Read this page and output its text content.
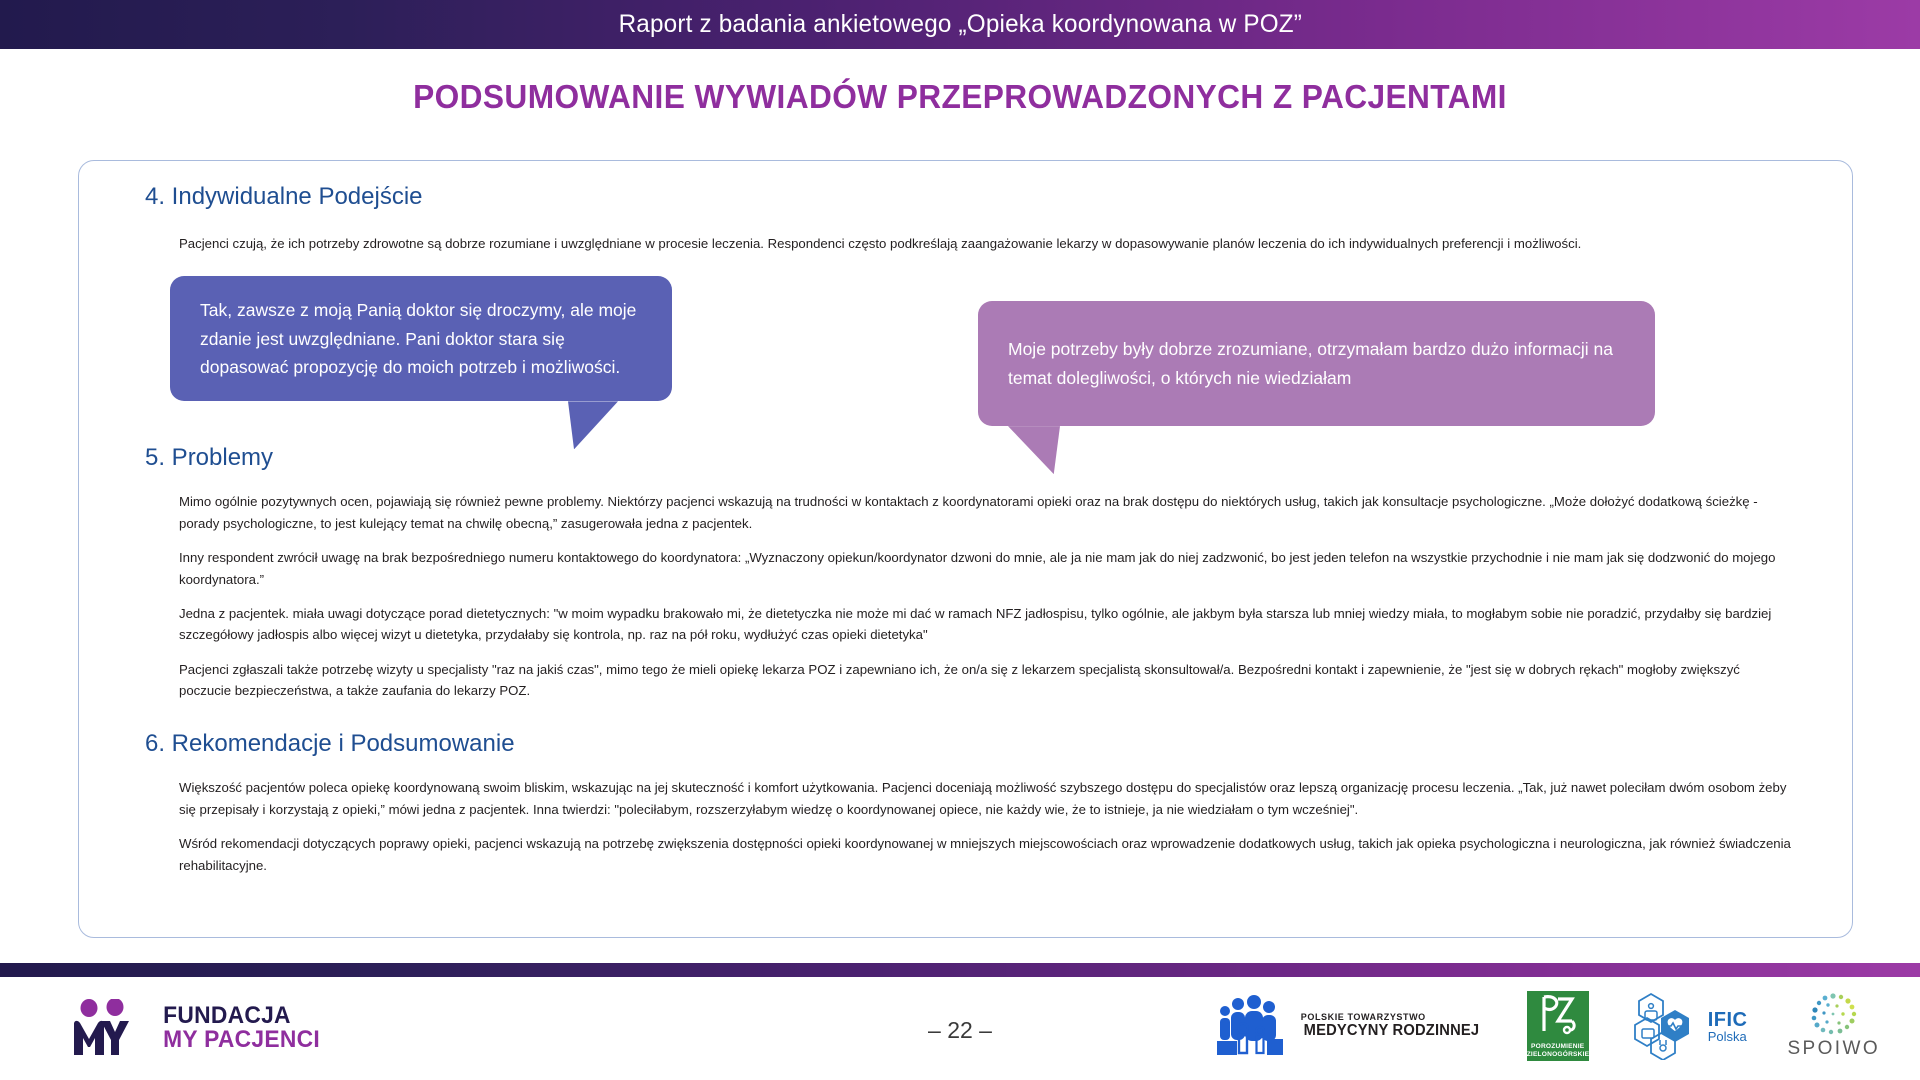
Raport z badania ankietowego „Opieka koordynowana w POZ”
PODSUMOWANIE WYWIADÓW PRZEPROWADZONYCH Z PACJENTAMI
4. Indywidualne Podejście
Pacjenci czują, że ich potrzeby zdrowotne są dobrze rozumiane i uwzględniane w procesie leczenia. Respondenci często podkreślają zaangażowanie lekarzy w dopasowywanie planów leczenia do ich indywidualnych preferencji i możliwości.
Tak, zawsze z moją Panią doktor się droczymy, ale moje zdanie jest uwzględniane. Pani doktor stara się dopasować propozycję do moich potrzeb i możliwości.
Moje potrzeby były dobrze zrozumiane, otrzymałam bardzo dużo informacji na temat dolegliwości, o których nie wiedziałam
5. Problemy
Mimo ogólnie pozytywnych ocen, pojawiają się również pewne problemy. Niektórzy pacjenci wskazują na trudności w kontaktach z koordynatorami opieki oraz na brak dostępu do niektórych usług, takich jak konsultacje psychologiczne. „Może dołożyć dodatkową ścieżkę - porady psychologiczne, to jest kulejący temat na chwilę obecną,” zasugerowała jedna z pacjentek.
Inny respondent zwrócił uwagę na brak bezpośredniego numeru kontaktowego do koordynatora: „Wyznaczony opiekun/koordynator dzwoni do mnie, ale ja nie mam jak do niej zadzwonić, bo jest jeden telefon na wszystkie przychodnie i nie mam jak się dodzwonić do mojego koordynatora.”
Jedna z pacjentek. miała uwagi dotyczące porad dietetycznych: "w moim wypadku brakowało mi, że dietetyczka nie może mi dać w ramach NFZ jadłospisu, tylko ogólnie, ale jakbym była starsza lub mniej wiedzy miała, to mogłabym sobie nie poradzić, przydałby się bardziej szczegółowy jadłospis albo więcej wizyt u dietetyka, przydałaby się kontrola, np. raz na pół roku, wydłużyć czas opieki dietetyka"
Pacjenci zgłaszali także potrzebę wizyty u specjalisty "raz na jakiś czas", mimo tego że mieli opiekę lekarza POZ i zapewniano ich, że on/a się z lekarzem specjalistą skonsultował/a. Bezpośredni kontakt i zapewnienie, że "jest się w dobrych rękach" mogłoby zwiększyć poczucie bezpieczeństwa, a także zaufania do lekarzy POZ.
6. Rekomendacje i Podsumowanie
Większość pacjentów poleca opiekę koordynowaną swoim bliskim, wskazując na jej skuteczność i komfort użytkowania. Pacjenci doceniają możliwość szybszego dostępu do specjalistów oraz lepszą organizację procesu leczenia. „Tak, już nawet poleciłam dwóm osobom żeby się przepisały i korzystają z opieki,” mówi jedna z pacjentek. Inna twierdzi: "poleciłabym, rozszerzyłabym wiedzę o koordynowanej opiece, nie każdy wie, że to istnieje, ja nie wiedziałam o tym wcześniej".
Wśród rekomendacji dotyczących poprawy opieki, pacjenci wskazują na potrzebę zwiększenia dostępności opieki koordynowanej w mniejszych miejscowościach oraz wprowadzenie dodatkowych usług, takich jak opieka psychologiczna i neurologiczna, jak również świadczenia rehabilitacyjne.
FUNDACJA
MY PACJENCI	– 22 –	POLSKIE TOWARZYSTWO
MEDYCYNY RODZINNEJ
POROZUMIENIE
ZIELONOGÓRSKIE
IFIC
Polska
SPOIWO
